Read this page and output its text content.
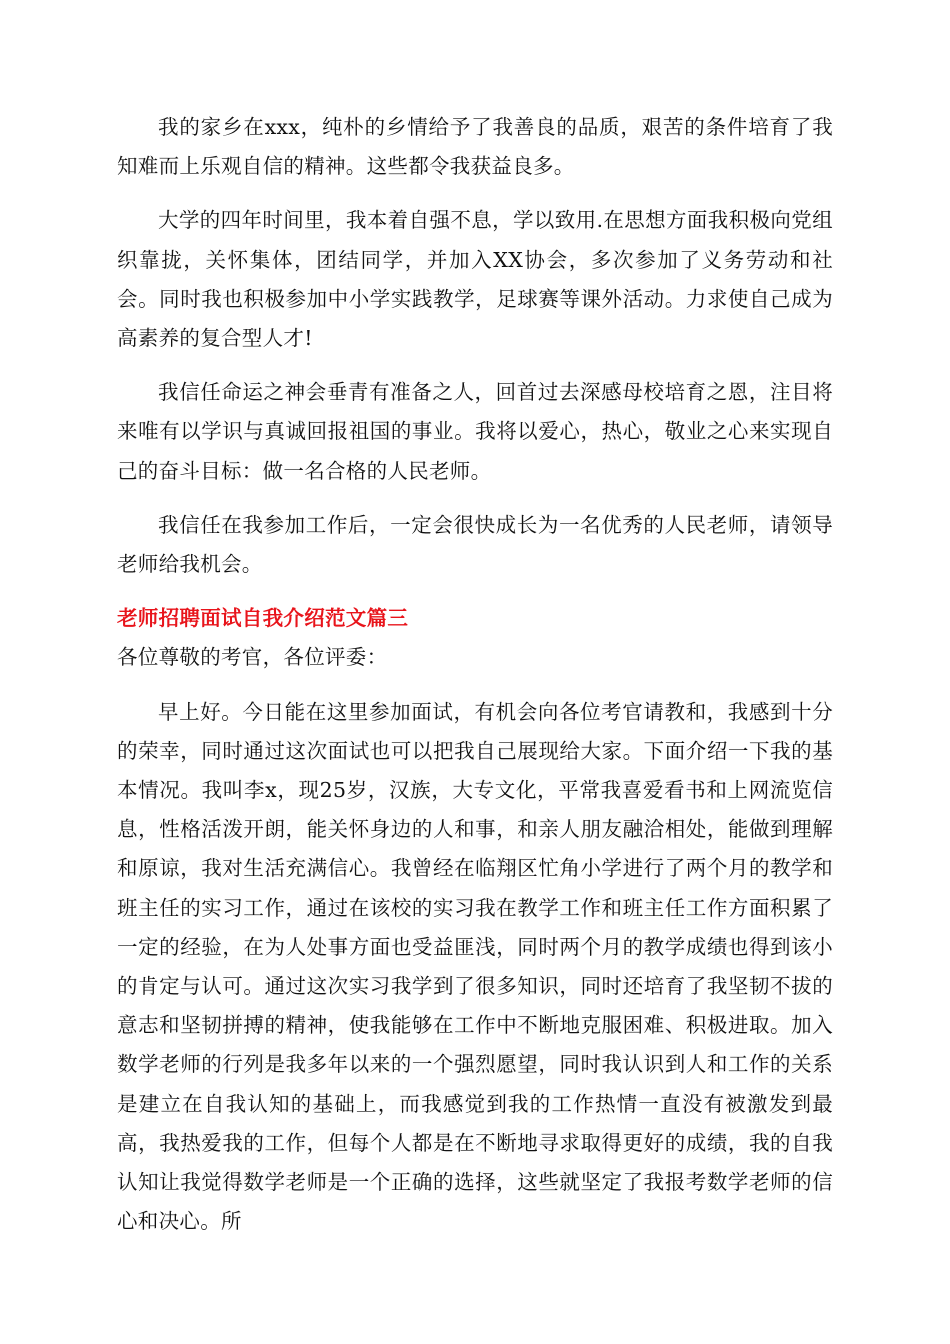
我的家乡在xxx，纯朴的乡情给予了我善良的品质，艰苦的条件培育了我知难而上乐观自信的精神。这些都令我获益良多。

大学的四年时间里，我本着自强不息，学以致用.在思想方面我积极向党组织靠拢，关怀集体，团结同学，并加入XX协会，多次参加了义务劳动和社会。同时我也积极参加中小学实践教学，足球赛等课外活动。力求使自己成为高素养的复合型人才!

我信任命运之神会垂青有准备之人，回首过去深感母校培育之恩，注目将来唯有以学识与真诚回报祖国的事业。我将以爱心，热心，敬业之心来实现自己的奋斗目标：做一名合格的人民老师。

我信任在我参加工作后，一定会很快成长为一名优秀的人民老师，请领导老师给我机会。

老师招聘面试自我介绍范文篇三

各位尊敬的考官，各位评委：

早上好。今日能在这里参加面试，有机会向各位考官请教和，我感到十分的荣幸，同时通过这次面试也可以把我自己展现给大家。下面介绍一下我的基本情况。我叫李x，现25岁，汉族，大专文化，平常我喜爱看书和上网流览信息，性格活泼开朗，能关怀身边的人和事，和亲人朋友融洽相处，能做到理解和原谅，我对生活充满信心。我曾经在临翔区忙角小学进行了两个月的教学和班主任的实习工作，通过在该校的实习我在教学工作和班主任工作方面积累了一定的经验，在为人处事方面也受益匪浅，同时两个月的教学成绩也得到该小的肯定与认可。通过这次实习我学到了很多知识，同时还培育了我坚韧不拔的意志和坚韧拼搏的精神，使我能够在工作中不断地克服困难、积极进取。加入数学老师的行列是我多年以来的一个强烈愿望，同时我认识到人和工作的关系是建立在自我认知的基础上，而我感觉到我的工作热情一直没有被激发到最高，我热爱我的工作，但每个人都是在不断地寻求取得更好的成绩，我的自我认知让我觉得数学老师是一个正确的选择，这些就坚定了我报考数学老师的信心和决心。所
